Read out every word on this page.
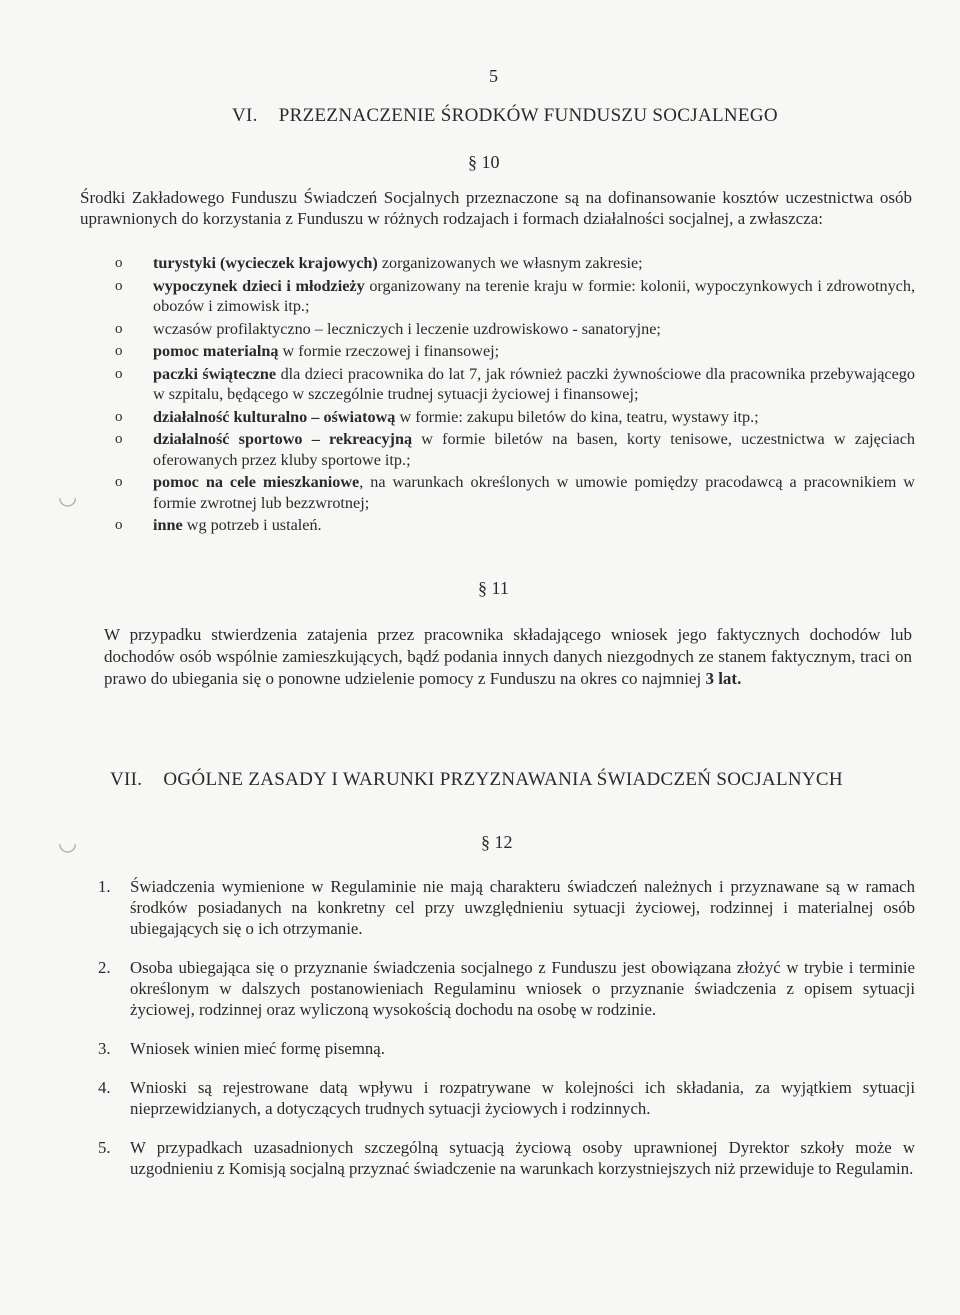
5
VI. PRZEZNACZENIE ŚRODKÓW FUNDUSZU SOCJALNEGO
§ 10
Środki Zakładowego Funduszu Świadczeń Socjalnych przeznaczone są na dofinansowanie kosztów uczestnictwa osób uprawnionych do korzystania z Funduszu w różnych rodzajach i formach działalności socjalnej, a zwłaszcza:
o turystyki (wycieczek krajowych) zorganizowanych we własnym zakresie;
o wypoczynek dzieci i młodzieży organizowany na terenie kraju w formie: kolonii, wypoczynkowych i zdrowotnych, obozów i zimowisk itp.;
o wczasów profilaktyczno – leczniczych i leczenie uzdrowiskowo - sanatoryjne;
o pomoc materialną w formie rzeczowej i finansowej;
o paczki świąteczne dla dzieci pracownika do lat 7, jak również paczki żywnościowe dla pracownika przebywającego w szpitalu, będącego w szczególnie trudnej sytuacji życiowej i finansowej;
o działalność kulturalno – oświatową w formie: zakupu biletów do kina, teatru, wystawy itp.;
o działalność sportowo – rekreacyjną w formie biletów na basen, korty tenisowe, uczestnictwa w zajęciach oferowanych przez kluby sportowe itp.;
o pomoc na cele mieszkaniowe, na warunkach określonych w umowie pomiędzy pracodawcą a pracownikiem w formie zwrotnej lub bezzwrotnej;
o inne wg potrzeb i ustaleń.
§ 11
W przypadku stwierdzenia zatajenia przez pracownika składającego wniosek jego faktycznych dochodów lub dochodów osób wspólnie zamieszkujących, bądź podania innych danych niezgodnych ze stanem faktycznym, traci on prawo do ubiegania się o ponowne udzielenie pomocy z Funduszu na okres co najmniej 3 lat.
VII. OGÓLNE ZASADY I WARUNKI PRZYZNAWANIA ŚWIADCZEŃ SOCJALNYCH
§ 12
1. Świadczenia wymienione w Regulaminie nie mają charakteru świadczeń należnych i przyznawane są w ramach środków posiadanych na konkretny cel przy uwzględnieniu sytuacji życiowej, rodzinnej i materialnej osób ubiegających się o ich otrzymanie.
2. Osoba ubiegająca się o przyznanie świadczenia socjalnego z Funduszu jest obowiązana złożyć w trybie i terminie określonym w dalszych postanowieniach Regulaminu wniosek o przyznanie świadczenia z opisem sytuacji życiowej, rodzinnej oraz wyliczoną wysokością dochodu na osobę w rodzinie.
3. Wniosek winien mieć formę pisemną.
4. Wnioski są rejestrowane datą wpływu i rozpatrywane w kolejności ich składania, za wyjątkiem sytuacji nieprzewidzianych, a dotyczących trudnych sytuacji życiowych i rodzinnych.
5. W przypadkach uzasadnionych szczególną sytuacją życiową osoby uprawnionej Dyrektor szkoły może w uzgodnieniu z Komisją socjalną przyznać świadczenie na warunkach korzystniejszych niż przewiduje to Regulamin.
◡
◡
